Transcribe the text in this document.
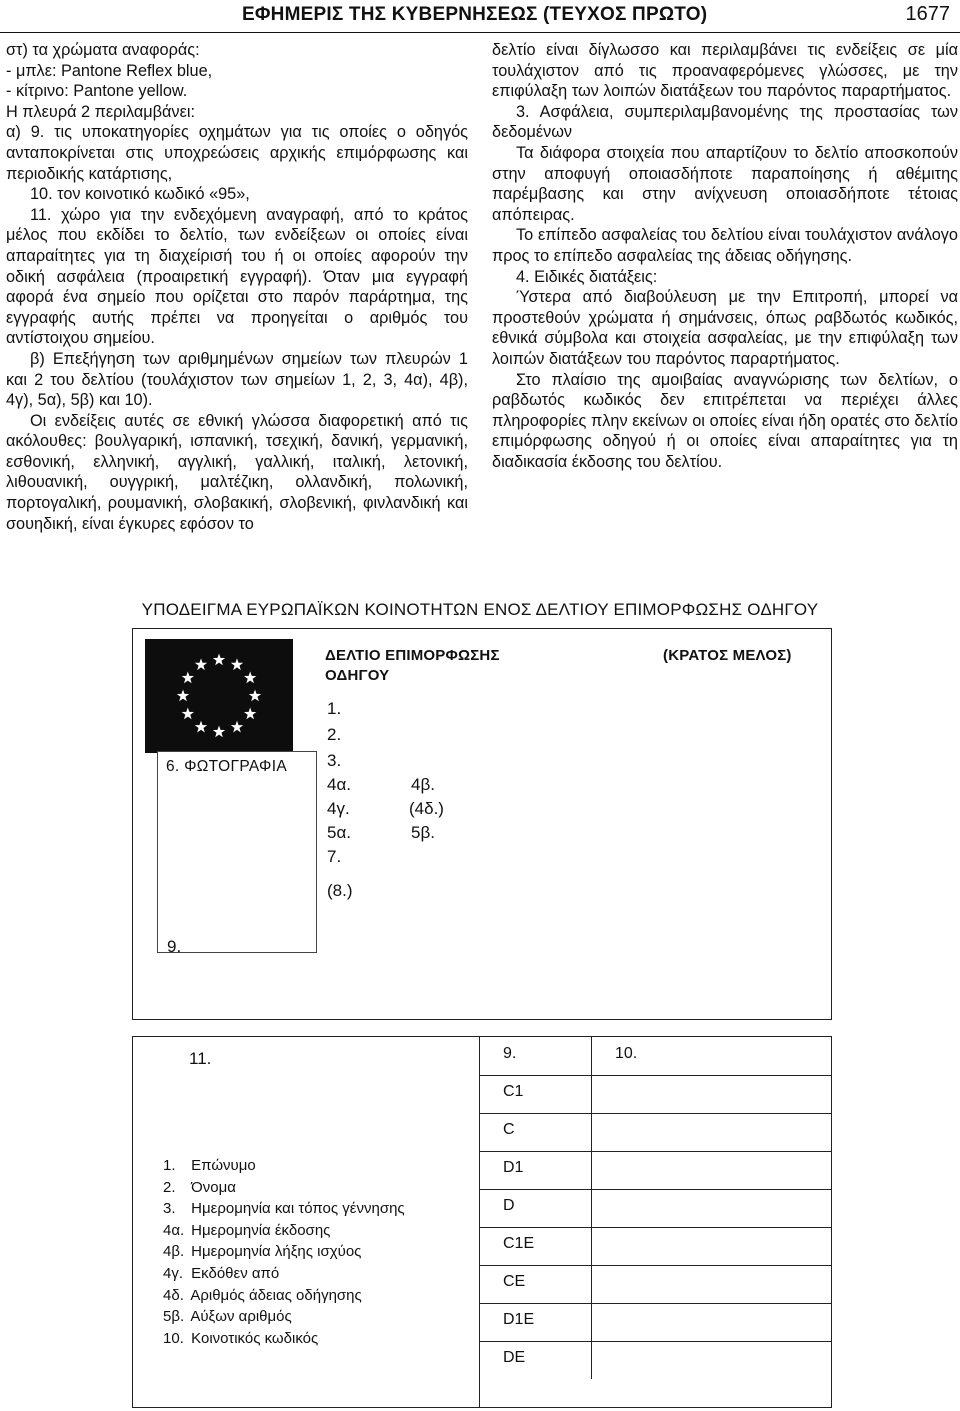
ΕΦΗΜΕΡΙΣ ΤΗΣ ΚΥΒΕΡΝΗΣΕΩΣ (ΤΕΥΧΟΣ ΠΡΩΤΟ)	1677

στ) τα χρώματα αναφοράς:

- μπλε: Pantone Reflex blue,

- κίτρινο: Pantone yellow.

Η πλευρά 2 περιλαμβάνει:

α) 9. τις υποκατηγορίες οχημάτων για τις οποίες ο οδηγός ανταποκρίνεται στις υποχρεώσεις αρχικής επιμόρφωσης και περιοδικής κατάρτισης,

10. τον κοινοτικό κωδικό «95»,

11. χώρο για την ενδεχόμενη αναγραφή, από το κράτος μέλος που εκδίδει το δελτίο, των ενδείξεων οι οποίες είναι απαραίτητες για τη διαχείρισή του ή οι οποίες αφορούν την οδική ασφάλεια (προαιρετική εγγραφή). Όταν μια εγγραφή αφορά ένα σημείο που ορίζεται στο παρόν παράρτημα, της εγγραφής αυτής πρέπει να προηγείται ο αριθμός του αντίστοιχου σημείου.

β) Επεξήγηση των αριθμημένων σημείων των πλευρών 1 και 2 του δελτίου (τουλάχιστον των σημείων 1, 2, 3, 4α), 4β), 4γ), 5α), 5β) και 10).

Οι ενδείξεις αυτές σε εθνική γλώσσα διαφορετική από τις ακόλουθες: βουλγαρική, ισπανική, τσεχική, δανική, γερμανική, εσθονική, ελληνική, αγγλική, γαλλική, ιταλική, λετονική, λιθουανική, ουγγρική, μαλτέζικη, ολλανδική, πολωνική, πορτογαλική, ρουμανική, σλοβακική, σλοβενική, φινλανδική και σουηδική, είναι έγκυρες εφόσον το

δελτίο είναι δίγλωσσο και περιλαμβάνει τις ενδείξεις σε μία τουλάχιστον από τις προαναφερόμενες γλώσσες, με την επιφύλαξη των λοιπών διατάξεων του παρόντος παραρτήματος.

3. Ασφάλεια, συμπεριλαμβανομένης της προστασίας των δεδομένων

Τα διάφορα στοιχεία που απαρτίζουν το δελτίο αποσκοπούν στην αποφυγή οποιασδήποτε παραποίησης ή αθέμιτης παρέμβασης και στην ανίχνευση οποιασδήποτε τέτοιας απόπειρας.

Το επίπεδο ασφαλείας του δελτίου είναι τουλάχιστον ανάλογο προς το επίπεδο ασφαλείας της άδειας οδήγησης.

4. Ειδικές διατάξεις:

Ύστερα από διαβούλευση με την Επιτροπή, μπορεί να προστεθούν χρώματα ή σημάνσεις, όπως ραβδωτός κωδικός, εθνικά σύμβολα και στοιχεία ασφαλείας, με την επιφύλαξη των λοιπών διατάξεων του παρόντος παραρτήματος.

Στο πλαίσιο της αμοιβαίας αναγνώρισης των δελτίων, ο ραβδωτός κωδικός δεν επιτρέπεται να περιέχει άλλες πληροφορίες πλην εκείνων οι οποίες είναι ήδη ορατές στο δελτίο επιμόρφωσης οδηγού ή οι οποίες είναι απαραίτητες για τη διαδικασία έκδοσης του δελτίου.

ΥΠΟΔΕΙΓΜΑ ΕΥΡΩΠΑΪΚΩΝ ΚΟΙΝΟΤΗΤΩΝ ΕΝΟΣ ΔΕΛΤΙΟΥ ΕΠΙΜΟΡΦΩΣΗΣ ΟΔΗΓΟΥ
6. ΦΩΤΟΓΡΑΦΙΑ
ΔΕΛΤΙΟ ΕΠΙΜΟΡΦΩΣΗΣ
ΟΔΗΓΟΥ
(ΚΡΑΤΟΣ ΜΕΛΟΣ)
1.
2.
3.
4α.	4β.
4γ.	(4δ.)
5α.	5β.
7.
(8.)
9.
11.
1. Επώνυμο
2. Όνομα
3. Ημερομηνία και τόπος γέννησης
4α. Ημερομηνία έκδοσης
4β. Ημερομηνία λήξης ισχύος
4γ. Εκδόθεν από
4δ. Αριθμός άδειας οδήγησης
5β. Αύξων αριθμός
10. Κοινοτικός κωδικός
9.	10.
C1
C
D1
D
C1E
CE
D1E
DE
